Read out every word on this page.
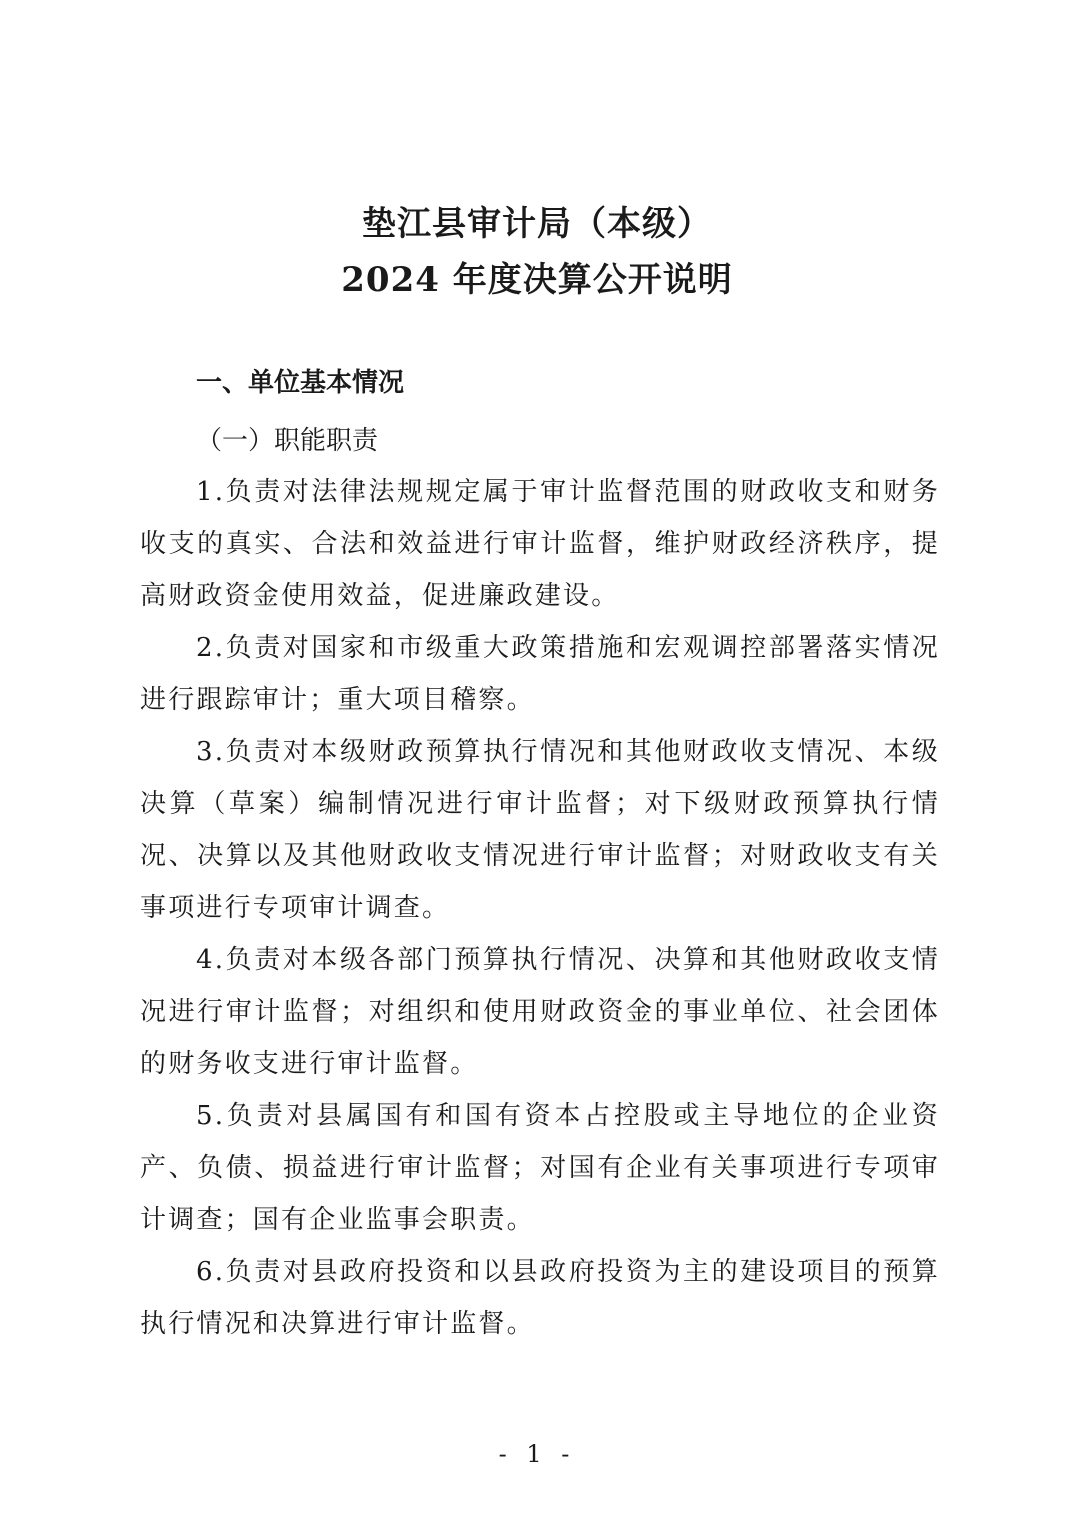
垫江县审计局（本级）
2024 年度决算公开说明
一、单位基本情况
（一）职能职责

1.负责对法律法规规定属于审计监督范围的财政收支和财务收支的真实、合法和效益进行审计监督，维护财政经济秩序，提高财政资金使用效益，促进廉政建设。

2.负责对国家和市级重大政策措施和宏观调控部署落实情况进行跟踪审计；重大项目稽察。

3.负责对本级财政预算执行情况和其他财政收支情况、本级决算（草案）编制情况进行审计监督；对下级财政预算执行情况、决算以及其他财政收支情况进行审计监督；对财政收支有关事项进行专项审计调查。

4.负责对本级各部门预算执行情况、决算和其他财政收支情况进行审计监督；对组织和使用财政资金的事业单位、社会团体的财务收支进行审计监督。

5.负责对县属国有和国有资本占控股或主导地位的企业资产、负债、损益进行审计监督；对国有企业有关事项进行专项审计调查；国有企业监事会职责。

6.负责对县政府投资和以县政府投资为主的建设项目的预算执行情况和决算进行审计监督。

- 1 -
